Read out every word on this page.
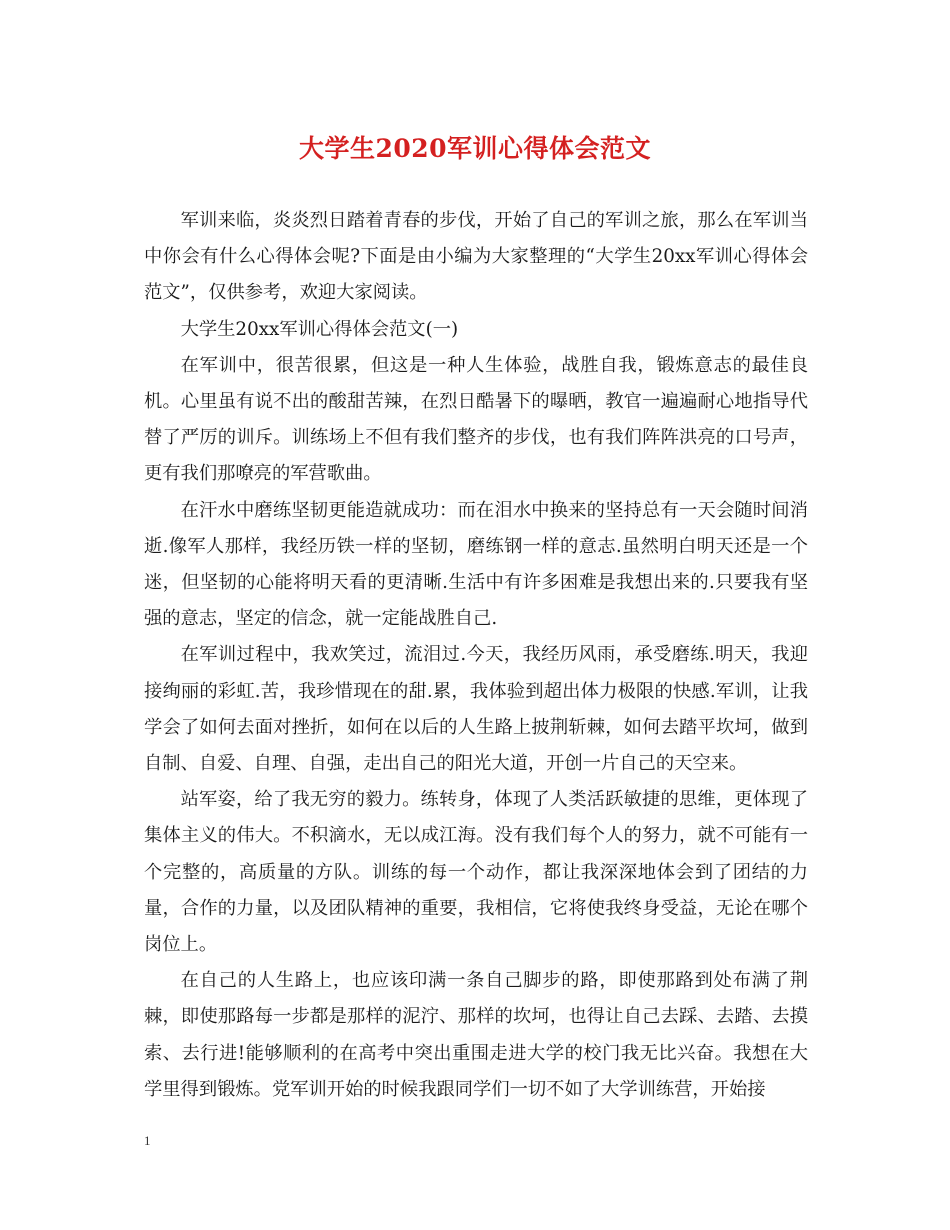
大学生2020军训心得体会范文

军训来临，炎炎烈日踏着青春的步伐，开始了自己的军训之旅，那么在军训当中你会有什么心得体会呢?下面是由小编为大家整理的“大学生20xx军训心得体会范文”，仅供参考，欢迎大家阅读。

大学生20xx军训心得体会范文(一)

在军训中，很苦很累，但这是一种人生体验，战胜自我，锻炼意志的最佳良机。心里虽有说不出的酸甜苦辣，在烈日酷暑下的曝晒，教官一遍遍耐心地指导代替了严厉的训斥。训练场上不但有我们整齐的步伐，也有我们阵阵洪亮的口号声，更有我们那嘹亮的军营歌曲。

在汗水中磨练坚韧更能造就成功：而在泪水中换来的坚持总有一天会随时间消逝.像军人那样，我经历铁一样的坚韧，磨练钢一样的意志.虽然明白明天还是一个迷，但坚韧的心能将明天看的更清晰.生活中有许多困难是我想出来的.只要我有坚强的意志，坚定的信念，就一定能战胜自己.

在军训过程中，我欢笑过，流泪过.今天，我经历风雨，承受磨练.明天，我迎接绚丽的彩虹.苦，我珍惜现在的甜.累，我体验到超出体力极限的快感.军训，让我学会了如何去面对挫折，如何在以后的人生路上披荆斩棘，如何去踏平坎坷，做到自制、自爱、自理、自强，走出自己的阳光大道，开创一片自己的天空来。

站军姿，给了我无穷的毅力。练转身，体现了人类活跃敏捷的思维，更体现了集体主义的伟大。不积滴水，无以成江海。没有我们每个人的努力，就不可能有一个完整的，高质量的方队。训练的每一个动作，都让我深深地体会到了团结的力量，合作的力量，以及团队精神的重要，我相信，它将使我终身受益，无论在哪个岗位上。

在自己的人生路上，也应该印满一条自己脚步的路，即使那路到处布满了荆棘，即使那路每一步都是那样的泥泞、那样的坎坷，也得让自己去踩、去踏、去摸索、去行进!能够顺利的在高考中突出重围走进大学的校门我无比兴奋。我想在大学里得到锻炼。党军训开始的时候我跟同学们一切不如了大学训练营，开始接

1
